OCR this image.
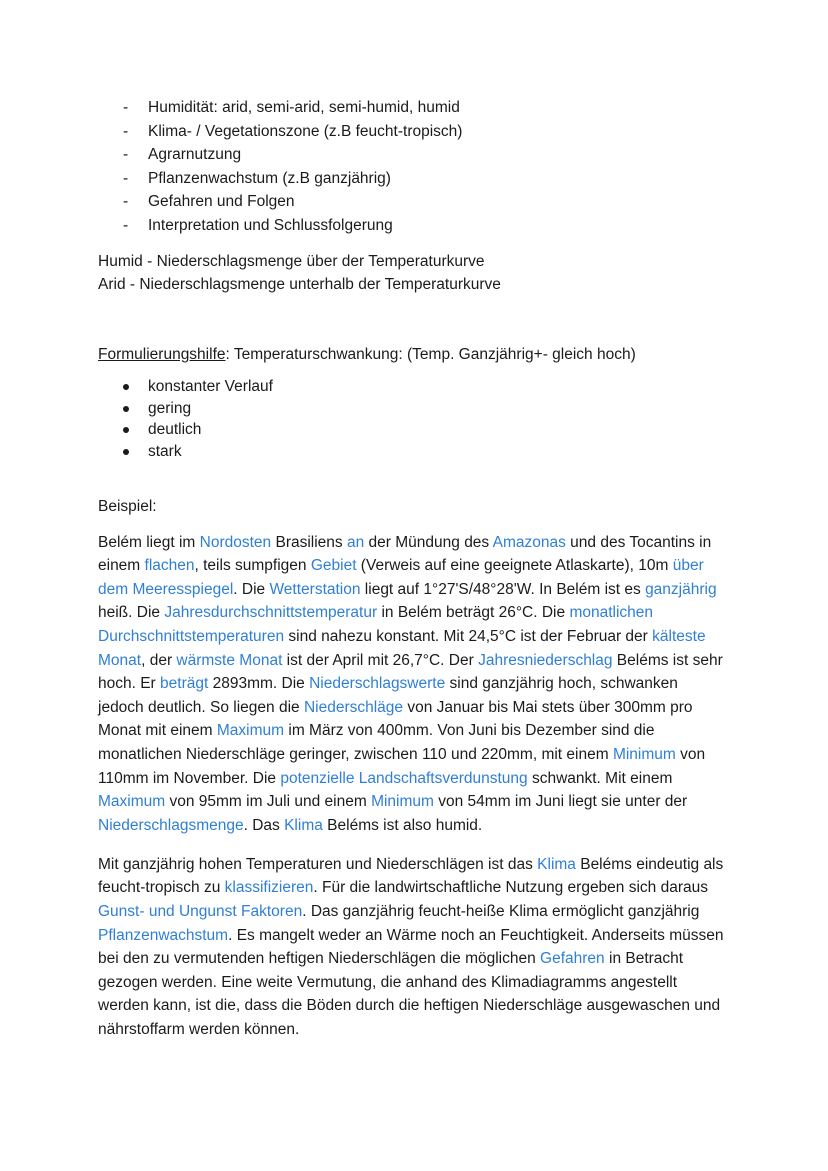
- Humidität: arid, semi-arid, semi-humid, humid
- Klima- / Vegetationszone (z.B feucht-tropisch)
- Agrarnutzung
- Pflanzenwachstum (z.B ganzjährig)
- Gefahren und Folgen
- Interpretation und Schlussfolgerung
Humid - Niederschlagsmenge über der Temperaturkurve
Arid - Niederschlagsmenge unterhalb der Temperaturkurve
Formulierungshilfe: Temperaturschwankung: (Temp. Ganzjährig+- gleich hoch)
konstanter Verlauf
gering
deutlich
stark
Beispiel:

Belém liegt im Nordosten Brasiliens an der Mündung des Amazonas und des Tocantins in einem flachen, teils sumpfigen Gebiet (Verweis auf eine geeignete Atlaskarte), 10m über dem Meeresspiegel. Die Wetterstation liegt auf 1°27'S/48°28'W. In Belém ist es ganzjährig heiß. Die Jahresdurchschnittstemperatur in Belém beträgt 26°C. Die monatlichen Durchschnittstemperaturen sind nahezu konstant. Mit 24,5°C ist der Februar der kälteste Monat, der wärmste Monat ist der April mit 26,7°C. Der Jahresniederschlag Beléms ist sehr hoch. Er beträgt 2893mm. Die Niederschlagswerte sind ganzjährig hoch, schwanken jedoch deutlich. So liegen die Niederschläge von Januar bis Mai stets über 300mm pro Monat mit einem Maximum im März von 400mm. Von Juni bis Dezember sind die monatlichen Niederschläge geringer, zwischen 110 und 220mm, mit einem Minimum von 110mm im November. Die potenzielle Landschaftsverdunstung schwankt. Mit einem Maximum von 95mm im Juli und einem Minimum von 54mm im Juni liegt sie unter der Niederschlagsmenge. Das Klima Beléms ist also humid.

Mit ganzjährig hohen Temperaturen und Niederschlägen ist das Klima Beléms eindeutig als feucht-tropisch zu klassifizieren. Für die landwirtschaftliche Nutzung ergeben sich daraus Gunst- und Ungunst Faktoren. Das ganzjährig feucht-heiße Klima ermöglicht ganzjährig Pflanzenwachstum. Es mangelt weder an Wärme noch an Feuchtigkeit. Anderseits müssen bei den zu vermutenden heftigen Niederschlägen die möglichen Gefahren in Betracht gezogen werden. Eine weite Vermutung, die anhand des Klimadiagramms angestellt werden kann, ist die, dass die Böden durch die heftigen Niederschläge ausgewaschen und nährstoffarm werden können.
